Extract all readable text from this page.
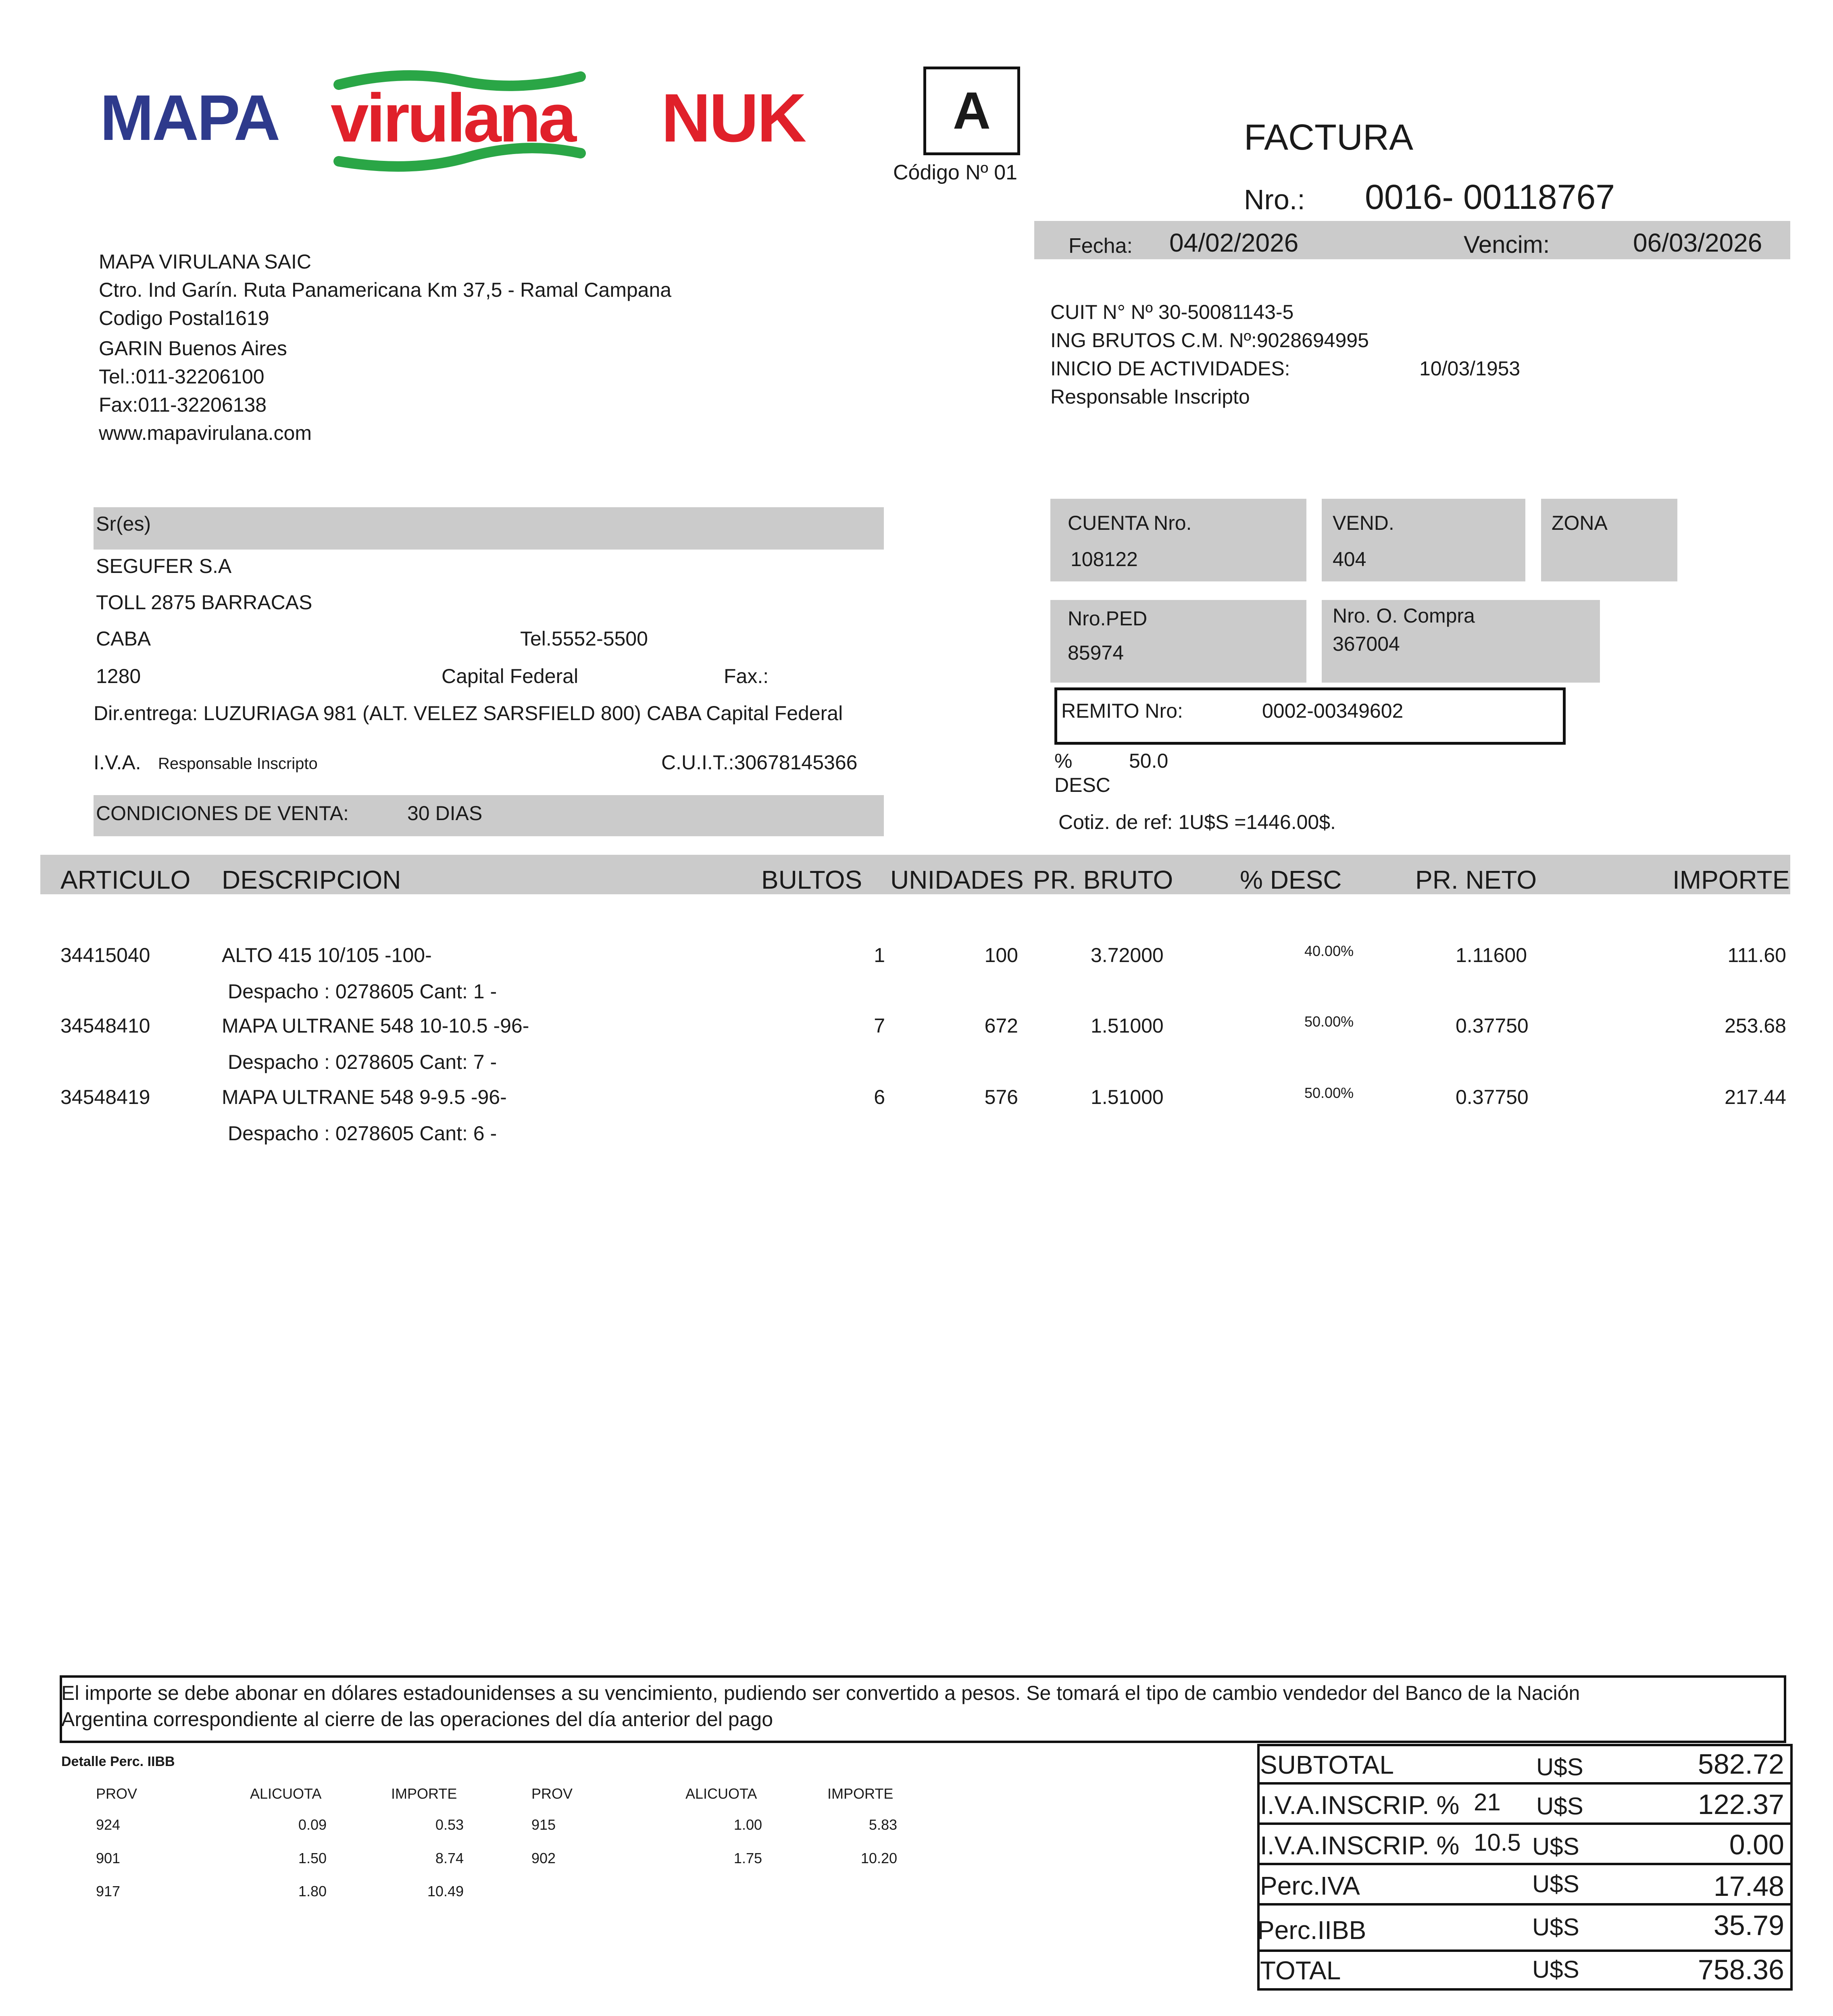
MAPA virulana NUK	A
Código Nº 01
FACTURA
Nro.: 0016- 00118767
Fecha: 04/02/2026	Vencim:	06/03/2026
MAPA VIRULANA SAIC
Ctro. Ind Garín. Ruta Panamericana Km 37,5 - Ramal Campana
Codigo Postal1619
GARIN Buenos Aires
Tel.:011-32206100
Fax:011-32206138
www.mapavirulana.com
CUIT N° Nº 30-50081143-5
ING BRUTOS C.M. Nº:9028694995
INICIO DE ACTIVIDADES:	10/03/1953
Responsable Inscripto
Sr(es)
SEGUFER S.A
TOLL 2875 BARRACAS
CABA	Tel.5552-5500
1280	Capital Federal	Fax.:
Dir.entrega: LUZURIAGA 981 (ALT. VELEZ SARSFIELD 800) CABA Capital Federal
I.V.A. Responsable Inscripto	C.U.I.T.:30678145366
CONDICIONES DE VENTA:	30 DIAS
CUENTA Nro.
108122
VEND.
404
ZONA
Nro.PED
85974
Nro. O. Compra
367004
REMITO Nro:	0002-00349602
%	50.0
DESC
Cotiz. de ref: 1U$S =1446.00$.
ARTICULO DESCRIPCION	BULTOS UNIDADES PR. BRUTO	% DESC	PR. NETO	IMPORTE
34415040	ALTO 415 10/105 -100-	1	100	3.72000	40.00%	1.11600	111.60
Despacho : 0278605 Cant: 1 -
34548410	MAPA ULTRANE 548 10-10.5 -96-	7	672	1.51000	50.00%	0.37750	253.68
Despacho : 0278605 Cant: 7 -
34548419	MAPA ULTRANE 548 9-9.5 -96-	6	576	1.51000	50.00%	0.37750	217.44
Despacho : 0278605 Cant: 6 -
El importe se debe abonar en dólares estadounidenses a su vencimiento, pudiendo ser convertido a pesos. Se tomará el tipo de cambio vendedor del Banco de la Nación
Argentina correspondiente al cierre de las operaciones del día anterior del pago
Detalle Perc. IIBB
PROV	ALICUOTA	IMPORTE	PROV	ALICUOTA	IMPORTE
924	0.09	0.53	915	1.00	5.83
901	1.50	8.74	902	1.75	10.20
917	1.80	10.49
SUBTOTAL	U$S	582.72
I.V.A.INSCRIP. % 21 U$S	122.37
I.V.A.INSCRIP. % 10.5 U$S	0.00
Perc.IVA	U$S	17.48
Perc.IIBB	U$S	35.79
TOTAL	U$S	758.36
